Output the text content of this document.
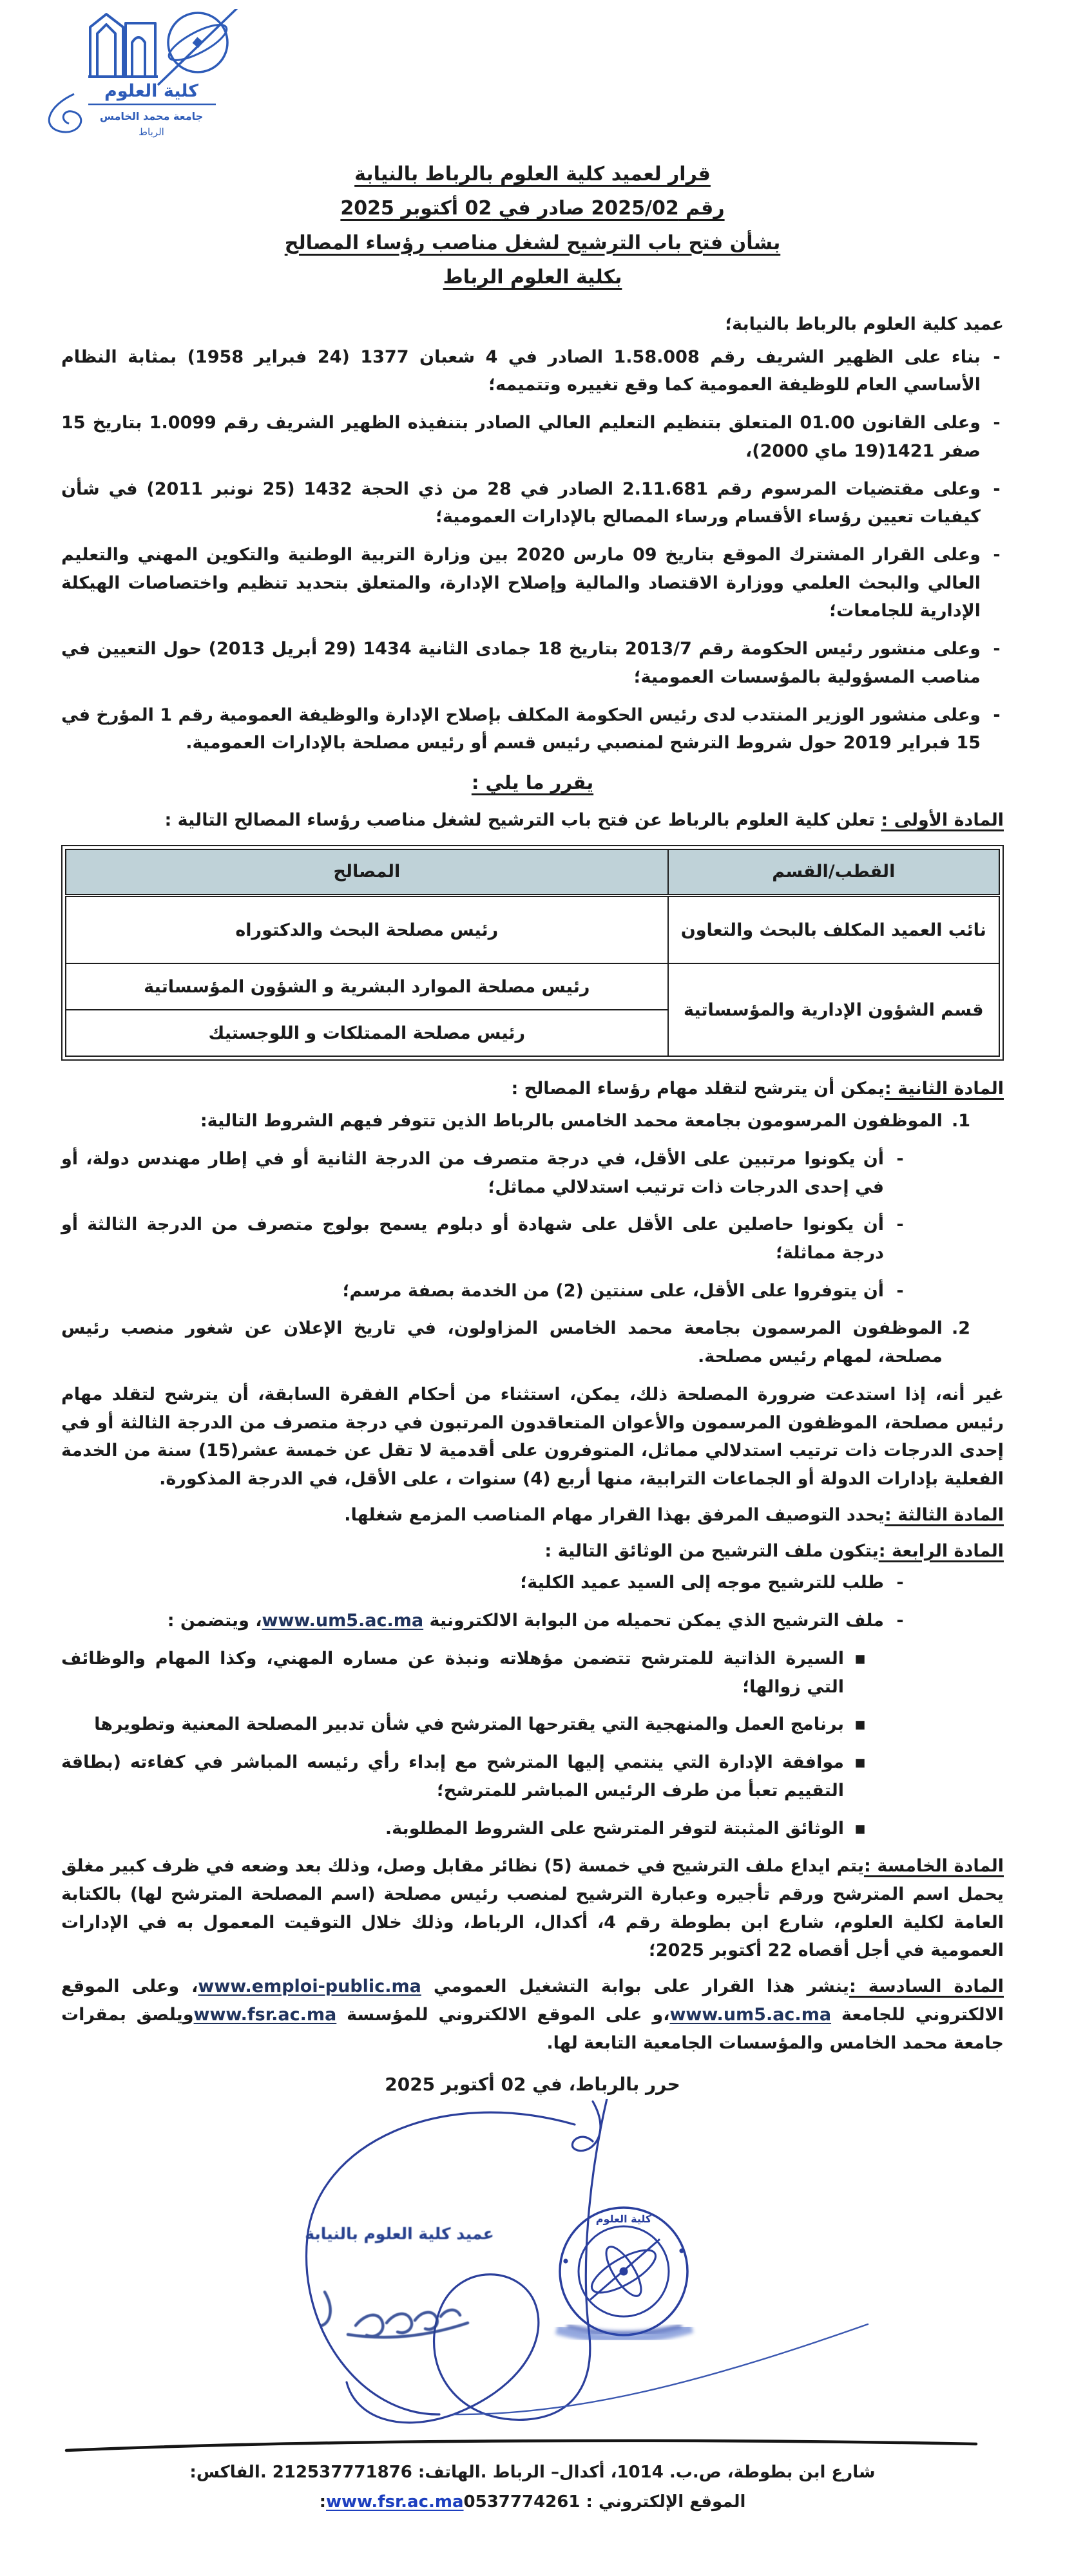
كلية العلوم
جامعة محمد الخامس
الرباط
قرار لعميد كلية العلوم بالرباط بالنيابة
رقم 2025/02 صادر في 02 أكتوبر 2025
بشأن فتح باب الترشيح لشغل مناصب رؤساء المصالح
بكلية العلوم الرباط
عميد كلية العلوم بالرباط بالنيابة؛
-
بناء على الظهير الشريف رقم 1.58.008 الصادر في 4 شعبان 1377 (24 فبراير 1958) بمثابة النظام الأساسي العام للوظيفة العمومية كما وقع تغييره وتتميمه؛
-
وعلى القانون 01.00 المتعلق بتنظيم التعليم العالي الصادر بتنفيذه الظهير الشريف رقم 1.0099 بتاريخ 15 صفر 1421(19 ماي 2000)،
-
وعلى مقتضيات المرسوم رقم 2.11.681 الصادر في 28 من ذي الحجة 1432 (25 نونبر 2011) في شأن كيفيات تعيين رؤساء الأقسام ورساء المصالح بالإدارات العمومية؛
-
وعلى القرار المشترك الموقع بتاريخ 09 مارس 2020 بين وزارة التربية الوطنية والتكوين المهني والتعليم العالي والبحث العلمي ووزارة الاقتصاد والمالية وإصلاح الإدارة، والمتعلق بتحديد تنظيم واختصاصات الهيكلة الإدارية للجامعات؛
-
وعلى منشور رئيس الحكومة رقم 2013/7 بتاريخ 18 جمادى الثانية 1434 (29 أبريل 2013) حول التعيين في مناصب المسؤولية بالمؤسسات العمومية؛
-
وعلى منشور الوزير المنتدب لدى رئيس الحكومة المكلف بإصلاح الإدارة والوظيفة العمومية رقم 1 المؤرخ في 15 فبراير 2019 حول شروط الترشح لمنصبي رئيس قسم أو رئيس مصلحة بالإدارات العمومية.
يقرر ما يلي :

المادة الأولى : تعلن كلية العلوم بالرباط عن فتح باب الترشيح لشغل مناصب رؤساء المصالح التالية :

القطب/القسم	المصالح
نائب العميد المكلف بالبحث والتعاون	رئيس مصلحة البحث والدكتوراه
قسم الشؤون الإدارية والمؤسساتية	رئيس مصلحة الموارد البشرية و الشؤون المؤسساتية
	رئيس مصلحة الممتلكات و اللوجستيك

المادة الثانية :يمكن أن يترشح لتقلد مهام رؤساء المصالح :

1.
الموظفون المرسومون بجامعة محمد الخامس بالرباط الذين تتوفر فيهم الشروط التالية:
-
أن يكونوا مرتبين على الأقل، في درجة متصرف من الدرجة الثانية أو في إطار مهندس دولة، أو في إحدى الدرجات ذات ترتيب استدلالي مماثل؛
-
أن يكونوا حاصلين على الأقل على شهادة أو دبلوم يسمح بولوج متصرف من الدرجة الثالثة أو درجة مماثلة؛
-
أن يتوفروا على الأقل، على سنتين (2) من الخدمة بصفة مرسم؛
2.
الموظفون المرسمون بجامعة محمد الخامس المزاولون، في تاريخ الإعلان عن شغور منصب رئيس مصلحة، لمهام رئيس مصلحة.

غير أنه، إذا استدعت ضرورة المصلحة ذلك، يمكن، استثناء من أحكام الفقرة السابقة، أن يترشح لتقلد مهام رئيس مصلحة، الموظفون المرسمون والأعوان المتعاقدون المرتبون في درجة متصرف من الدرجة الثالثة أو في إحدى الدرجات ذات ترتيب استدلالي مماثل، المتوفرون على أقدمية لا تقل عن خمسة عشر(15) سنة من الخدمة الفعلية بإدارات الدولة أو الجماعات الترابية، منها أربع (4) سنوات ، على الأقل، في الدرجة المذكورة.

المادة الثالثة :يحدد التوصيف المرفق بهذا القرار مهام المناصب المزمع شغلها.

المادة الرابعة :يتكون ملف الترشيح من الوثائق التالية :

-
طلب للترشيح موجه إلى السيد عميد الكلية؛
-
ملف الترشيح الذي يمكن تحميله من البوابة الالكترونية www.um5.ac.ma، ويتضمن :
▪
السيرة الذاتية للمترشح تتضمن مؤهلاته ونبذة عن مساره المهني، وكذا المهام والوظائف التي زوالها؛
▪
برنامج العمل والمنهجية التي يقترحها المترشح في شأن تدبير المصلحة المعنية وتطويرها
▪
موافقة الإدارة التي ينتمي إليها المترشح مع إبداء رأي رئيسه المباشر في كفاءته (بطاقة التقييم تعبأ من طرف الرئيس المباشر للمترشح؛
▪
الوثائق المثبتة لتوفر المترشح على الشروط المطلوبة.

المادة الخامسة :يتم ايداع ملف الترشيح في خمسة (5) نظائر مقابل وصل، وذلك بعد وضعه في ظرف كبير مغلق يحمل اسم المترشح ورقم تأجيره وعبارة الترشيح لمنصب رئيس مصلحة (اسم المصلحة المترشح لها) بالكتابة العامة لكلية العلوم، شارع ابن بطوطة رقم 4، أكدال، الرباط، وذلك خلال التوقيت المعمول به في الإدارات العمومية في أجل أقصاه 22 أكتوبر 2025؛

المادة السادسة :ينشر هذا القرار على بوابة التشغيل العمومي www.emploi-public.ma، وعلى الموقع الالكتروني للجامعة www.um5.ac.ma،و على الموقع الالكتروني للمؤسسة www.fsr.ac.maويلصق بمقرات جامعة محمد الخامس والمؤسسات الجامعية التابعة لها.

حرر بالرباط، في 02 أكتوبر 2025
كلية العلوم
عميد كلية العلوم بالنيابة
شارع ابن بطوطة، ص.ب. 1014، أكدال– الرباط .الهاتف: 212537771876 .الفاكس:
الموقع الإلكتروني : www.fsr.ac.ma0537774261:
